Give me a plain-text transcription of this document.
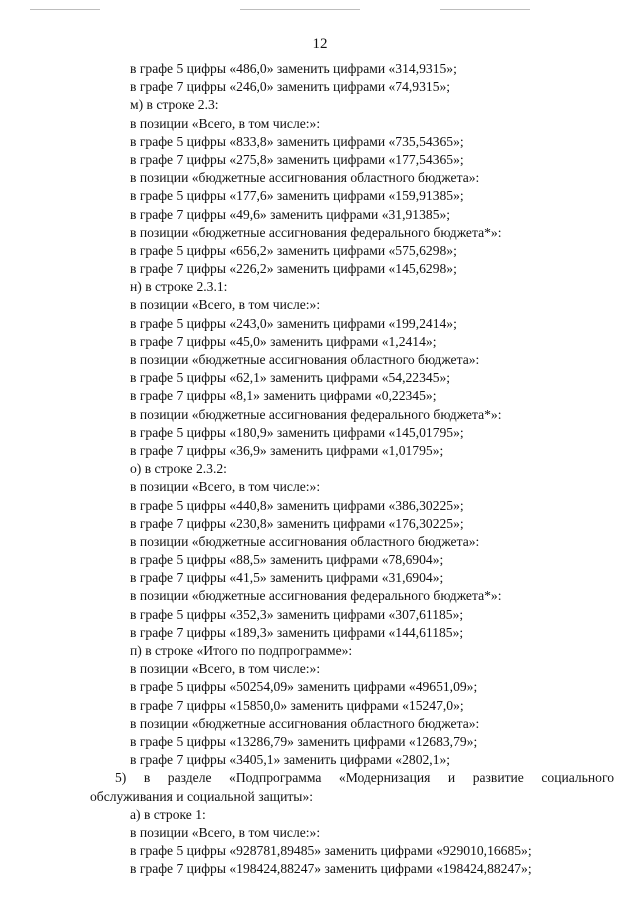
12
в графе 5 цифры «486,0» заменить цифрами «314,9315»;
в графе 7 цифры «246,0» заменить цифрами «74,9315»;
м) в строке 2.3:
в позиции «Всего, в том числе:»:
в графе 5 цифры «833,8» заменить цифрами «735,54365»;
в графе 7 цифры «275,8» заменить цифрами «177,54365»;
в позиции «бюджетные ассигнования областного бюджета»:
в графе 5 цифры «177,6» заменить цифрами «159,91385»;
в графе 7 цифры «49,6» заменить цифрами «31,91385»;
в позиции «бюджетные ассигнования федерального бюджета*»:
в графе 5 цифры «656,2» заменить цифрами «575,6298»;
в графе 7 цифры «226,2» заменить цифрами «145,6298»;
н) в строке 2.3.1:
в позиции «Всего, в том числе:»:
в графе 5 цифры «243,0» заменить цифрами «199,2414»;
в графе 7 цифры «45,0» заменить цифрами «1,2414»;
в позиции «бюджетные ассигнования областного бюджета»:
в графе 5 цифры «62,1» заменить цифрами «54,22345»;
в графе 7 цифры «8,1» заменить цифрами «0,22345»;
в позиции «бюджетные ассигнования федерального бюджета*»:
в графе 5 цифры «180,9» заменить цифрами «145,01795»;
в графе 7 цифры «36,9» заменить цифрами «1,01795»;
о) в строке 2.3.2:
в позиции «Всего, в том числе:»:
в графе 5 цифры «440,8» заменить цифрами «386,30225»;
в графе 7 цифры «230,8» заменить цифрами «176,30225»;
в позиции «бюджетные ассигнования областного бюджета»:
в графе 5 цифры «88,5» заменить цифрами «78,6904»;
в графе 7 цифры «41,5» заменить цифрами «31,6904»;
в позиции «бюджетные ассигнования федерального бюджета*»:
в графе 5 цифры «352,3» заменить цифрами «307,61185»;
в графе 7 цифры «189,3» заменить цифрами «144,61185»;
п) в строке «Итого по подпрограмме»:
в позиции «Всего, в том числе:»:
в графе 5 цифры «50254,09» заменить цифрами «49651,09»;
в графе 7 цифры «15850,0» заменить цифрами «15247,0»;
в позиции «бюджетные ассигнования областного бюджета»:
в графе 5 цифры «13286,79» заменить цифрами «12683,79»;
в графе 7 цифры «3405,1» заменить цифрами «2802,1»;
5) в разделе «Подпрограмма «Модернизация и развитие социального
обслуживания и социальной защиты»:
а) в строке 1:
в позиции «Всего, в том числе:»:
в графе 5 цифры «928781,89485» заменить цифрами «929010,16685»;
в графе 7 цифры «198424,88247» заменить цифрами «198424,88247»;
